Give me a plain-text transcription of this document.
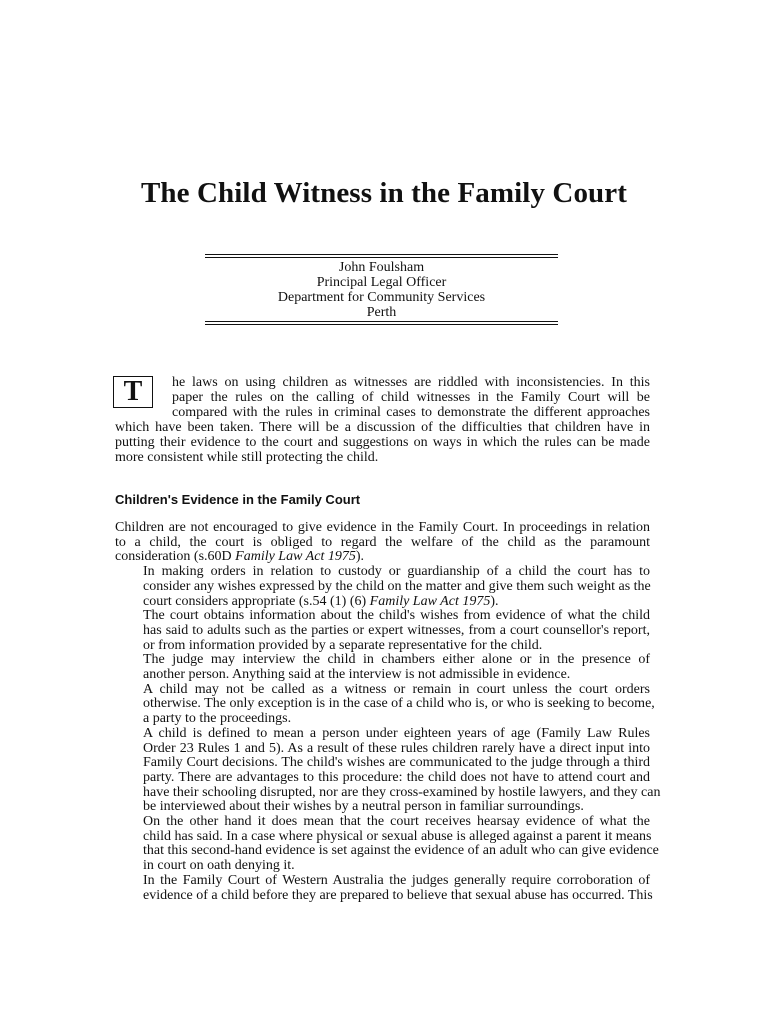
The Child Witness in the Family Court
John Foulsham
Principal Legal Officer
Department for Community Services
Perth
T	he laws on using children as witnesses are riddled with inconsistencies. In this
paper the rules on the calling of child witnesses in the Family Court will be
compared with the rules in criminal cases to demonstrate the different approaches
which have been taken. There will be a discussion of the difficulties that children have in
putting their evidence to the court and suggestions on ways in which the rules can be made
more consistent while still protecting the child.
Children's Evidence in the Family Court

Children are not encouraged to give evidence in the Family Court. In proceedings in relation
to a child, the court is obliged to regard the welfare of the child as the paramount
consideration (s.60D Family Law Act 1975).

In making orders in relation to custody or guardianship of a child the court has to
consider any wishes expressed by the child on the matter and give them such weight as the
court considers appropriate (s.54 (1) (6) Family Law Act 1975).

The court obtains information about the child's wishes from evidence of what the child
has said to adults such as the parties or expert witnesses, from a court counsellor's report,
or from information provided by a separate representative for the child.

The judge may interview the child in chambers either alone or in the presence of
another person. Anything said at the interview is not admissible in evidence.

A child may not be called as a witness or remain in court unless the court orders
otherwise. The only exception is in the case of a child who is, or who is seeking to become,
a party to the proceedings.

A child is defined to mean a person under eighteen years of age (Family Law Rules
Order 23 Rules 1 and 5). As a result of these rules children rarely have a direct input into
Family Court decisions. The child's wishes are communicated to the judge through a third
party. There are advantages to this procedure: the child does not have to attend court and
have their schooling disrupted, nor are they cross-examined by hostile lawyers, and they can
be interviewed about their wishes by a neutral person in familiar surroundings.

On the other hand it does mean that the court receives hearsay evidence of what the
child has said. In a case where physical or sexual abuse is alleged against a parent it means
that this second-hand evidence is set against the evidence of an adult who can give evidence
in court on oath denying it.

In the Family Court of Western Australia the judges generally require corroboration of
evidence of a child before they are prepared to believe that sexual abuse has occurred. This
